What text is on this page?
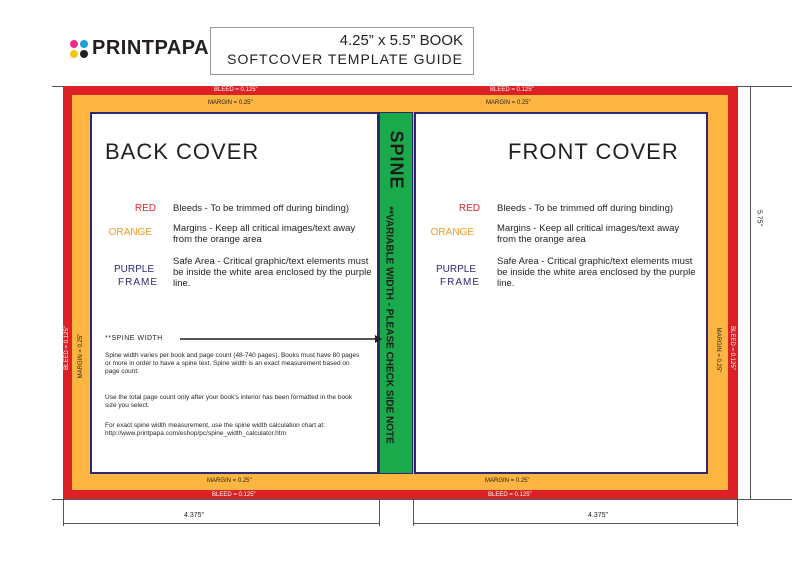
PRINTPAPA	4.25” x 5.5” BOOK
SOFTCOVER TEMPLATE GUIDE
4.375"	4.375"
5.75"
BLEED = 0.125"	BLEED = 0.125"
MARGIN = 0.25"	MARGIN = 0.25"
MARGIN = 0.25"	MARGIN = 0.25"
BLEED = 0.125"	BLEED = 0.125"
BLEED = 0.125" MARGIN = 0.25"	BLEED = 0.125"
MARGIN = 0.25"
SPINE
**VARIABLE WIDTH - PLEASE CHECK SIDE NOTE
BACK COVER
RED Bleeds - To be trimmed off during binding)
ORANGE Margins - Keep all critical images/text away from the orange area
PURPLE
FRAME
Safe Area - Critical graphic/text elements must be inside the white area enclosed by the purple line.
**SPINE WIDTH
Spine width varies per book and page count (48-740 pages). Books must have 80 pages or more in order to have a spine text. Spine width is an exact measurement based on page count.
Use the total page count only after your book's interior has been formatted in the book size you select.
For exact spine width measurement, use the spine width calculation chart at: http://www.printpapa.com/eshop/pc/spine_width_calculator.htm
FRONT COVER
RED Bleeds - To be trimmed off during binding)
ORANGE Margins - Keep all critical images/text away from the orange area
PURPLE
FRAME
Safe Area - Critical graphic/text elements must be inside the white area enclosed by the purple line.
